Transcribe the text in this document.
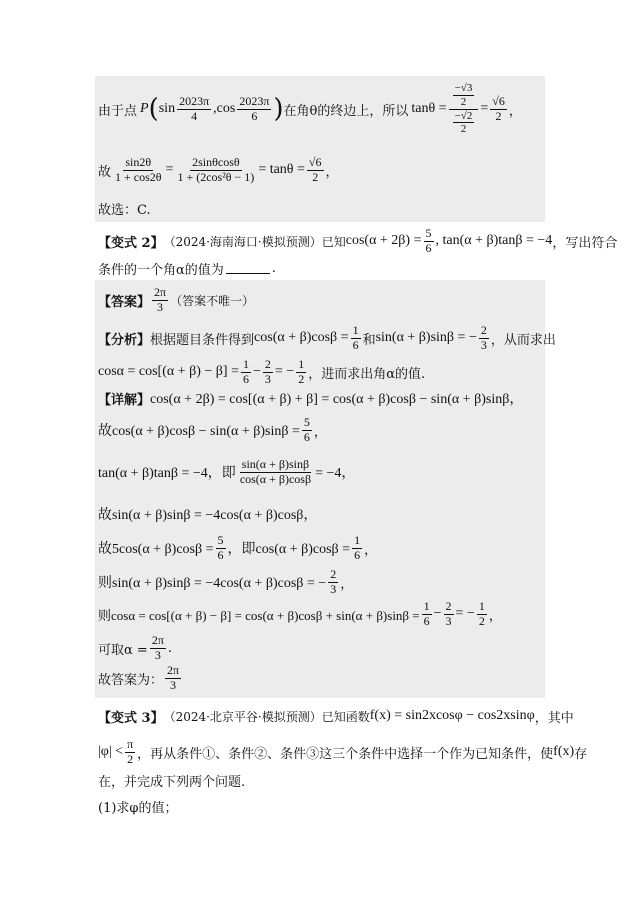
由于点 P ( sin
2023π
4 ,cos
2023π
6 ) 在角θ的终边上，所以 $\tan\theta = \frac{\frac{-√3}{2}}{\frac{-√2}{2}} = \frac{√6}{2}$ ，
故 $\frac{\sin 2\theta}{1 + \cos 2\theta} = \frac{2\sin\theta\cos\theta}{\text{1 + (2cos²θ − 1)}} = \tan\theta = \frac{√6}{2}$ ，
故选：C.
【变式 2】 （2024·海南海口·模拟预测）已知 $\cos(\alpha + 2\beta) = \frac{5}{6}$ , tan(α + β)tanβ = −4 ，写出符合
条件的一个角α的值为	.
【答案】
2π
3 （答案不唯一）
【分析】 根据题目条件得到 $\cos(\alpha + \beta)\cos\beta = \frac{1}{6}$ 和 sin(α + β)sinβ = − $\frac{2}{3}$ ，从而求出
$\cos\alpha = \cos[(\alpha + \beta) - \beta] = \frac{1}{6} - \frac{2}{3}$ = − $\frac{1}{2}$ ，进而求出角α的值.
【详解】 cos(α + 2β) = cos[(α + β) + β] = cos(α + β)cosβ − sin(α + β)sinβ，
故$\cos(\alpha + \beta)\cos\beta - \sin(\alpha + \beta)\sin\beta = \frac{5}{6}$ ，
tan(α + β)tanβ = −4，即 $\frac{\sin(\alpha + \beta)\sin\beta}{\cos(\alpha + \beta)\cos\beta} = -4$，
故sin(α + β)sinβ = −4cos(α + β)cosβ，
故$5\cos(\alpha + \beta)\cos\beta = \frac{5}{6}$ ，即$\cos(\alpha + \beta)\cos\beta = \frac{1}{6}$ ，
则sin(α + β)sinβ = −4cos(α + β)cosβ = − $\frac{2}{3}$ ，
则$\cos\alpha = \cos[(\alpha + \beta) - \beta] = \cos(\alpha + \beta)\cos\beta + \sin(\alpha + \beta)\sin\beta = \frac{1}{6} - \frac{2}{3}$ = − $\frac{1}{2}$ ，
可取$\alpha = \frac{2\pi}{3}$ .
故答案为：
2π
3
【变式 3】 （2024·北京平谷·模拟预测）已知函数 f(x) = sin2xcosφ − cos2xsinφ ，其中
|φ| <
π
2 ，再从条件①、条件②、条件③这三个条件中选择一个作为已知条件，使 f(x) 存
在，并完成下列两个问题.
(1)求φ的值；
